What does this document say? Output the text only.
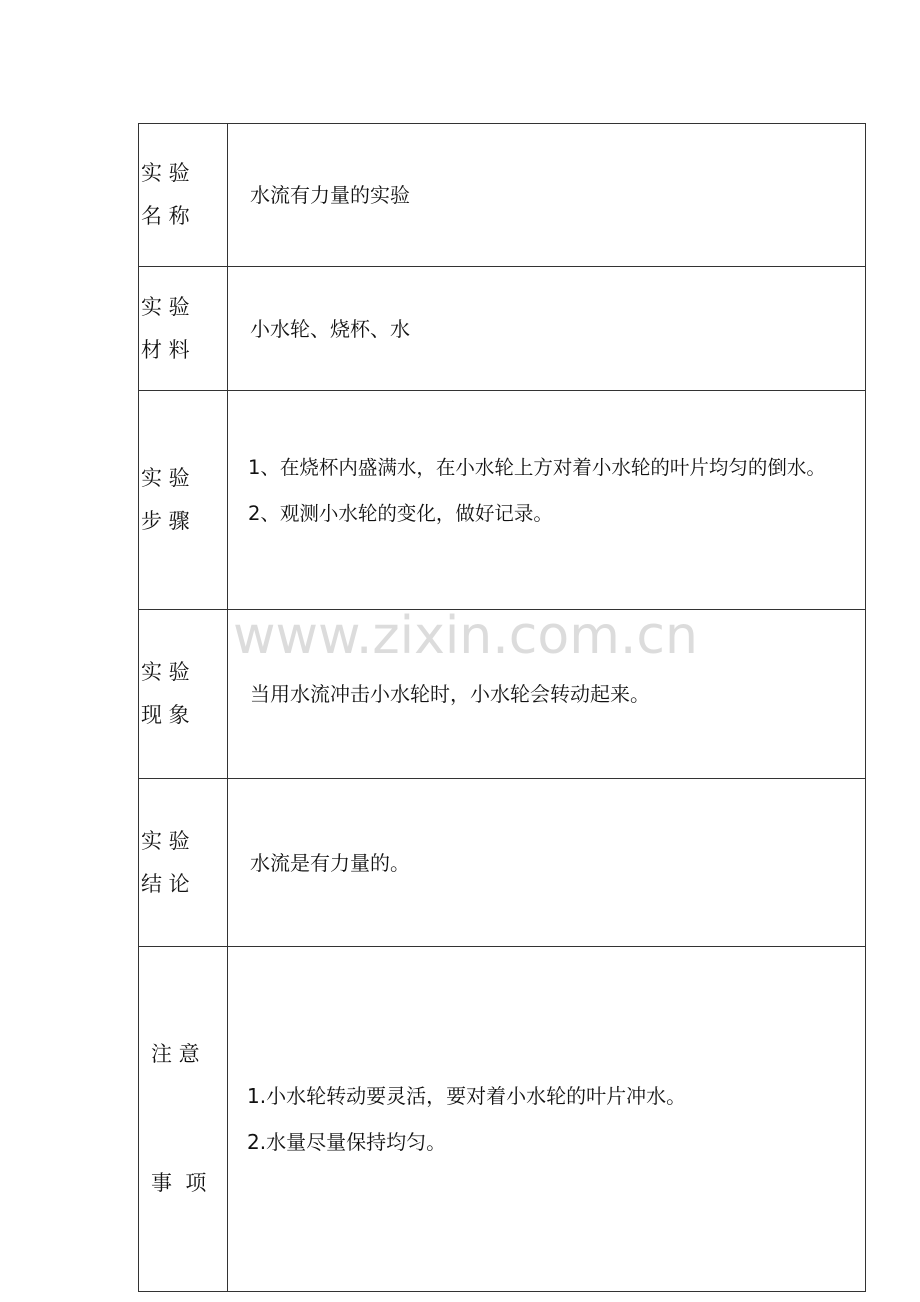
实 验
名 称	水流有力量的实验

实 验
材 料	小水轮、烧杯、水

实 验
步 骤	1、在烧杯内盛满水，在小水轮上方对着小水轮的叶片均匀的倒水。
2、观测小水轮的变化，做好记录。

实 验
现 象	当用水流冲击小水轮时，小水轮会转动起来。

实 验
结 论	水流是有力量的。

注 意

事  项	1.小水轮转动要灵活，要对着小水轮的叶片冲水。
2.水量尽量保持均匀。
www.zixin.com.cn
